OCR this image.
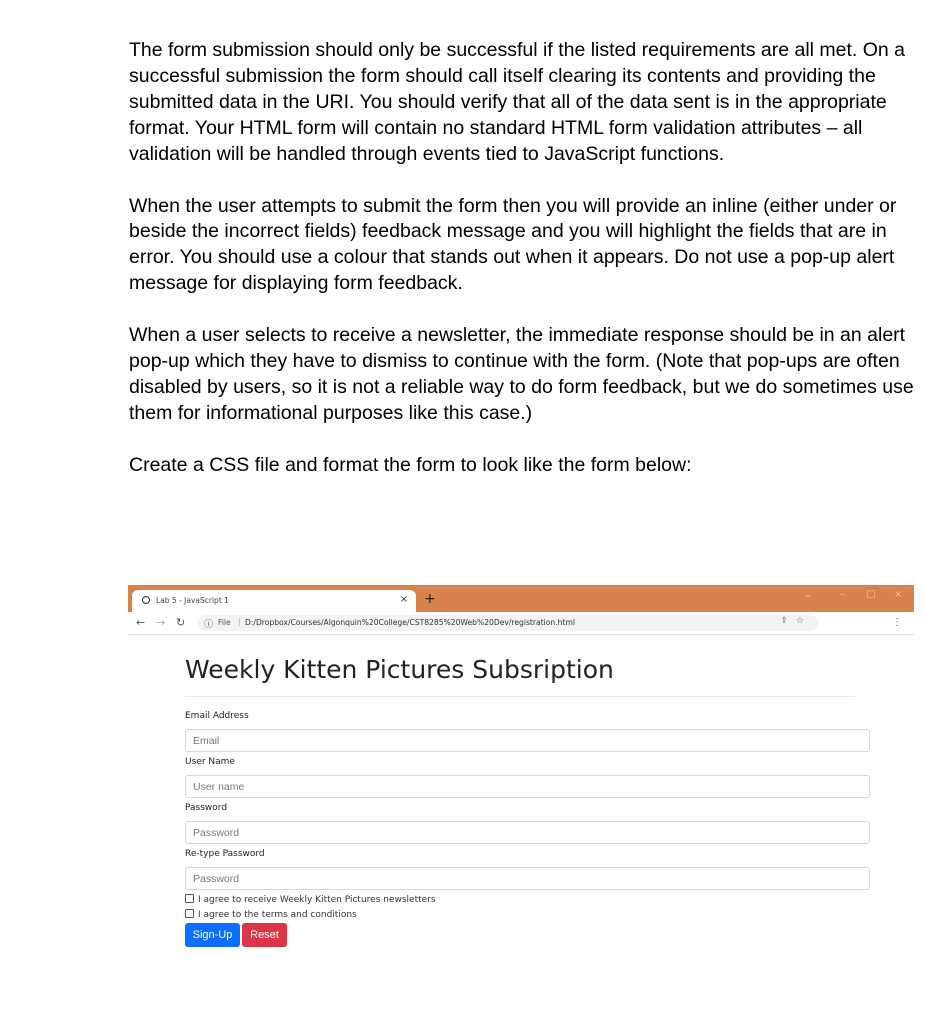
The form submission should only be successful if the listed requirements are all met. On a successful submission the form should call itself clearing its contents and providing the submitted data in the URI. You should verify that all of the data sent is in the appropriate format. Your HTML form will contain no standard HTML form validation attributes – all validation will be handled through events tied to JavaScript functions.

When the user attempts to submit the form then you will provide an inline (either under or beside the incorrect fields) feedback message and you will highlight the fields that are in error. You should use a colour that stands out when it appears. Do not use a pop-up alert message for displaying form feedback.

When a user selects to receive a newsletter, the immediate response should be in an alert pop-up which they have to dismiss to continue with the form. (Note that pop-ups are often disabled by users, so it is not a reliable way to do form feedback, but we do sometimes use them for informational purposes like this case.)

Create a CSS file and format the form to look like the form below:

Lab 5 - JavaScript 1	× +	⌄	– □ ×
← → ↻ ⓘ File | D:/Dropbox/Courses/Algonquin%20College/CST8285%20Web%20Dev/registration.html	⇪ ☆	⋮
Weekly Kitten Pictures Subsription
Email Address
Email
User Name
User name
Password
Password
Re-type Password
Password
I agree to receive Weekly Kitten Pictures newsletters
I agree to the terms and conditions
Sign-Up	Reset
